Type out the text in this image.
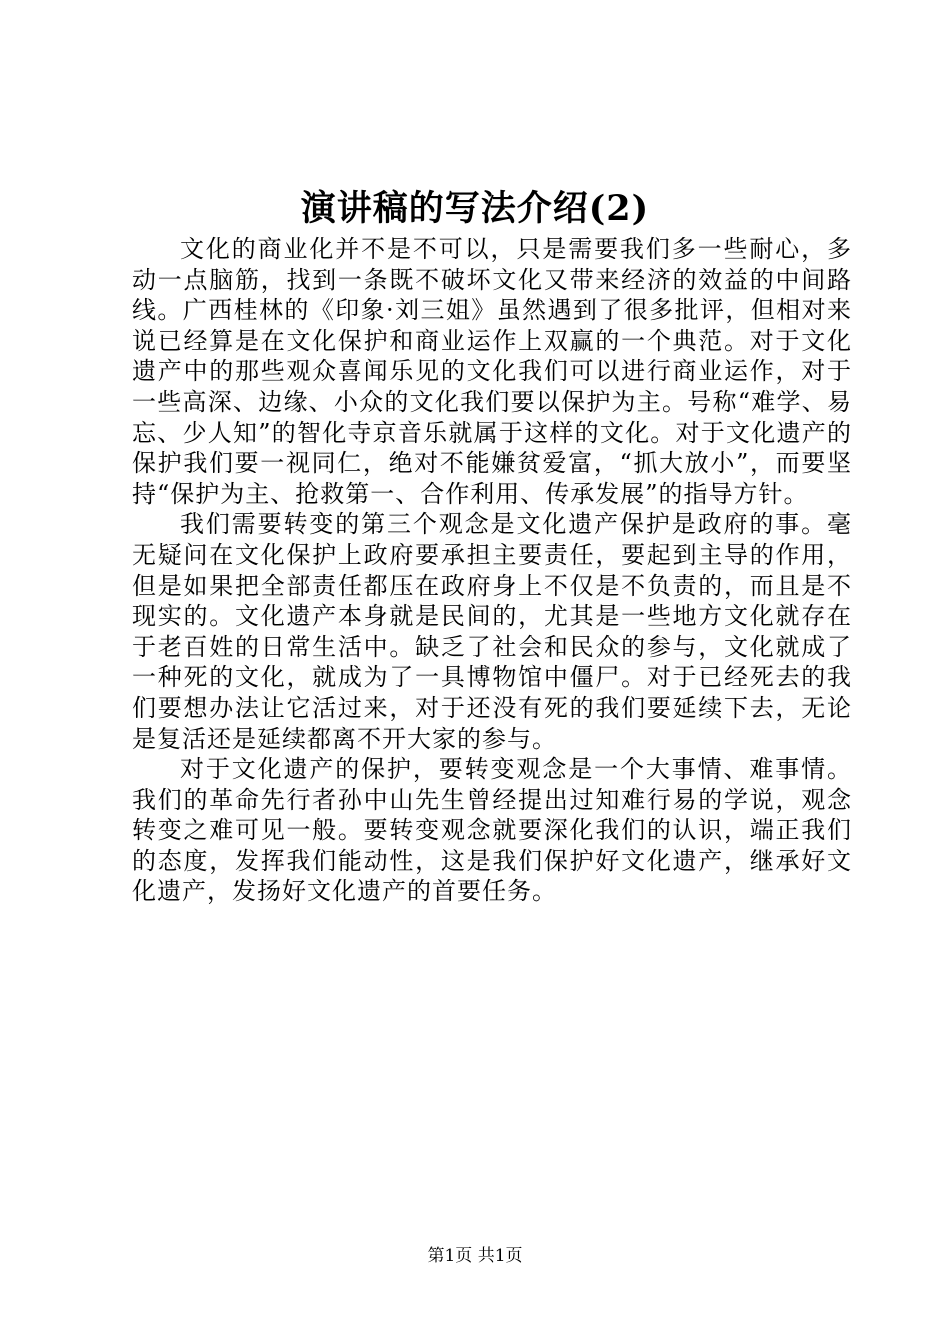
演讲稿的写法介绍(2)

文化的商业化并不是不可以，只是需要我们多一些耐心，多动一点脑筋，找到一条既不破坏文化又带来经济的效益的中间路线。广西桂林的《印象·刘三姐》虽然遇到了很多批评，但相对来说已经算是在文化保护和商业运作上双赢的一个典范。对于文化遗产中的那些观众喜闻乐见的文化我们可以进行商业运作，对于一些高深、边缘、小众的文化我们要以保护为主。号称“难学、易忘、少人知”的智化寺京音乐就属于这样的文化。对于文化遗产的保护我们要一视同仁，绝对不能嫌贫爱富，“抓大放小”，而要坚持“保护为主、抢救第一、合作利用、传承发展”的指导方针。

我们需要转变的第三个观念是文化遗产保护是政府的事。毫无疑问在文化保护上政府要承担主要责任，要起到主导的作用，但是如果把全部责任都压在政府身上不仅是不负责的，而且是不现实的。文化遗产本身就是民间的，尤其是一些地方文化就存在于老百姓的日常生活中。缺乏了社会和民众的参与，文化就成了一种死的文化，就成为了一具博物馆中僵尸。对于已经死去的我们要想办法让它活过来，对于还没有死的我们要延续下去，无论是复活还是延续都离不开大家的参与。

对于文化遗产的保护，要转变观念是一个大事情、难事情。我们的革命先行者孙中山先生曾经提出过知难行易的学说，观念转变之难可见一般。要转变观念就要深化我们的认识，端正我们的态度，发挥我们能动性，这是我们保护好文化遗产，继承好文化遗产，发扬好文化遗产的首要任务。

第1页 共1页
